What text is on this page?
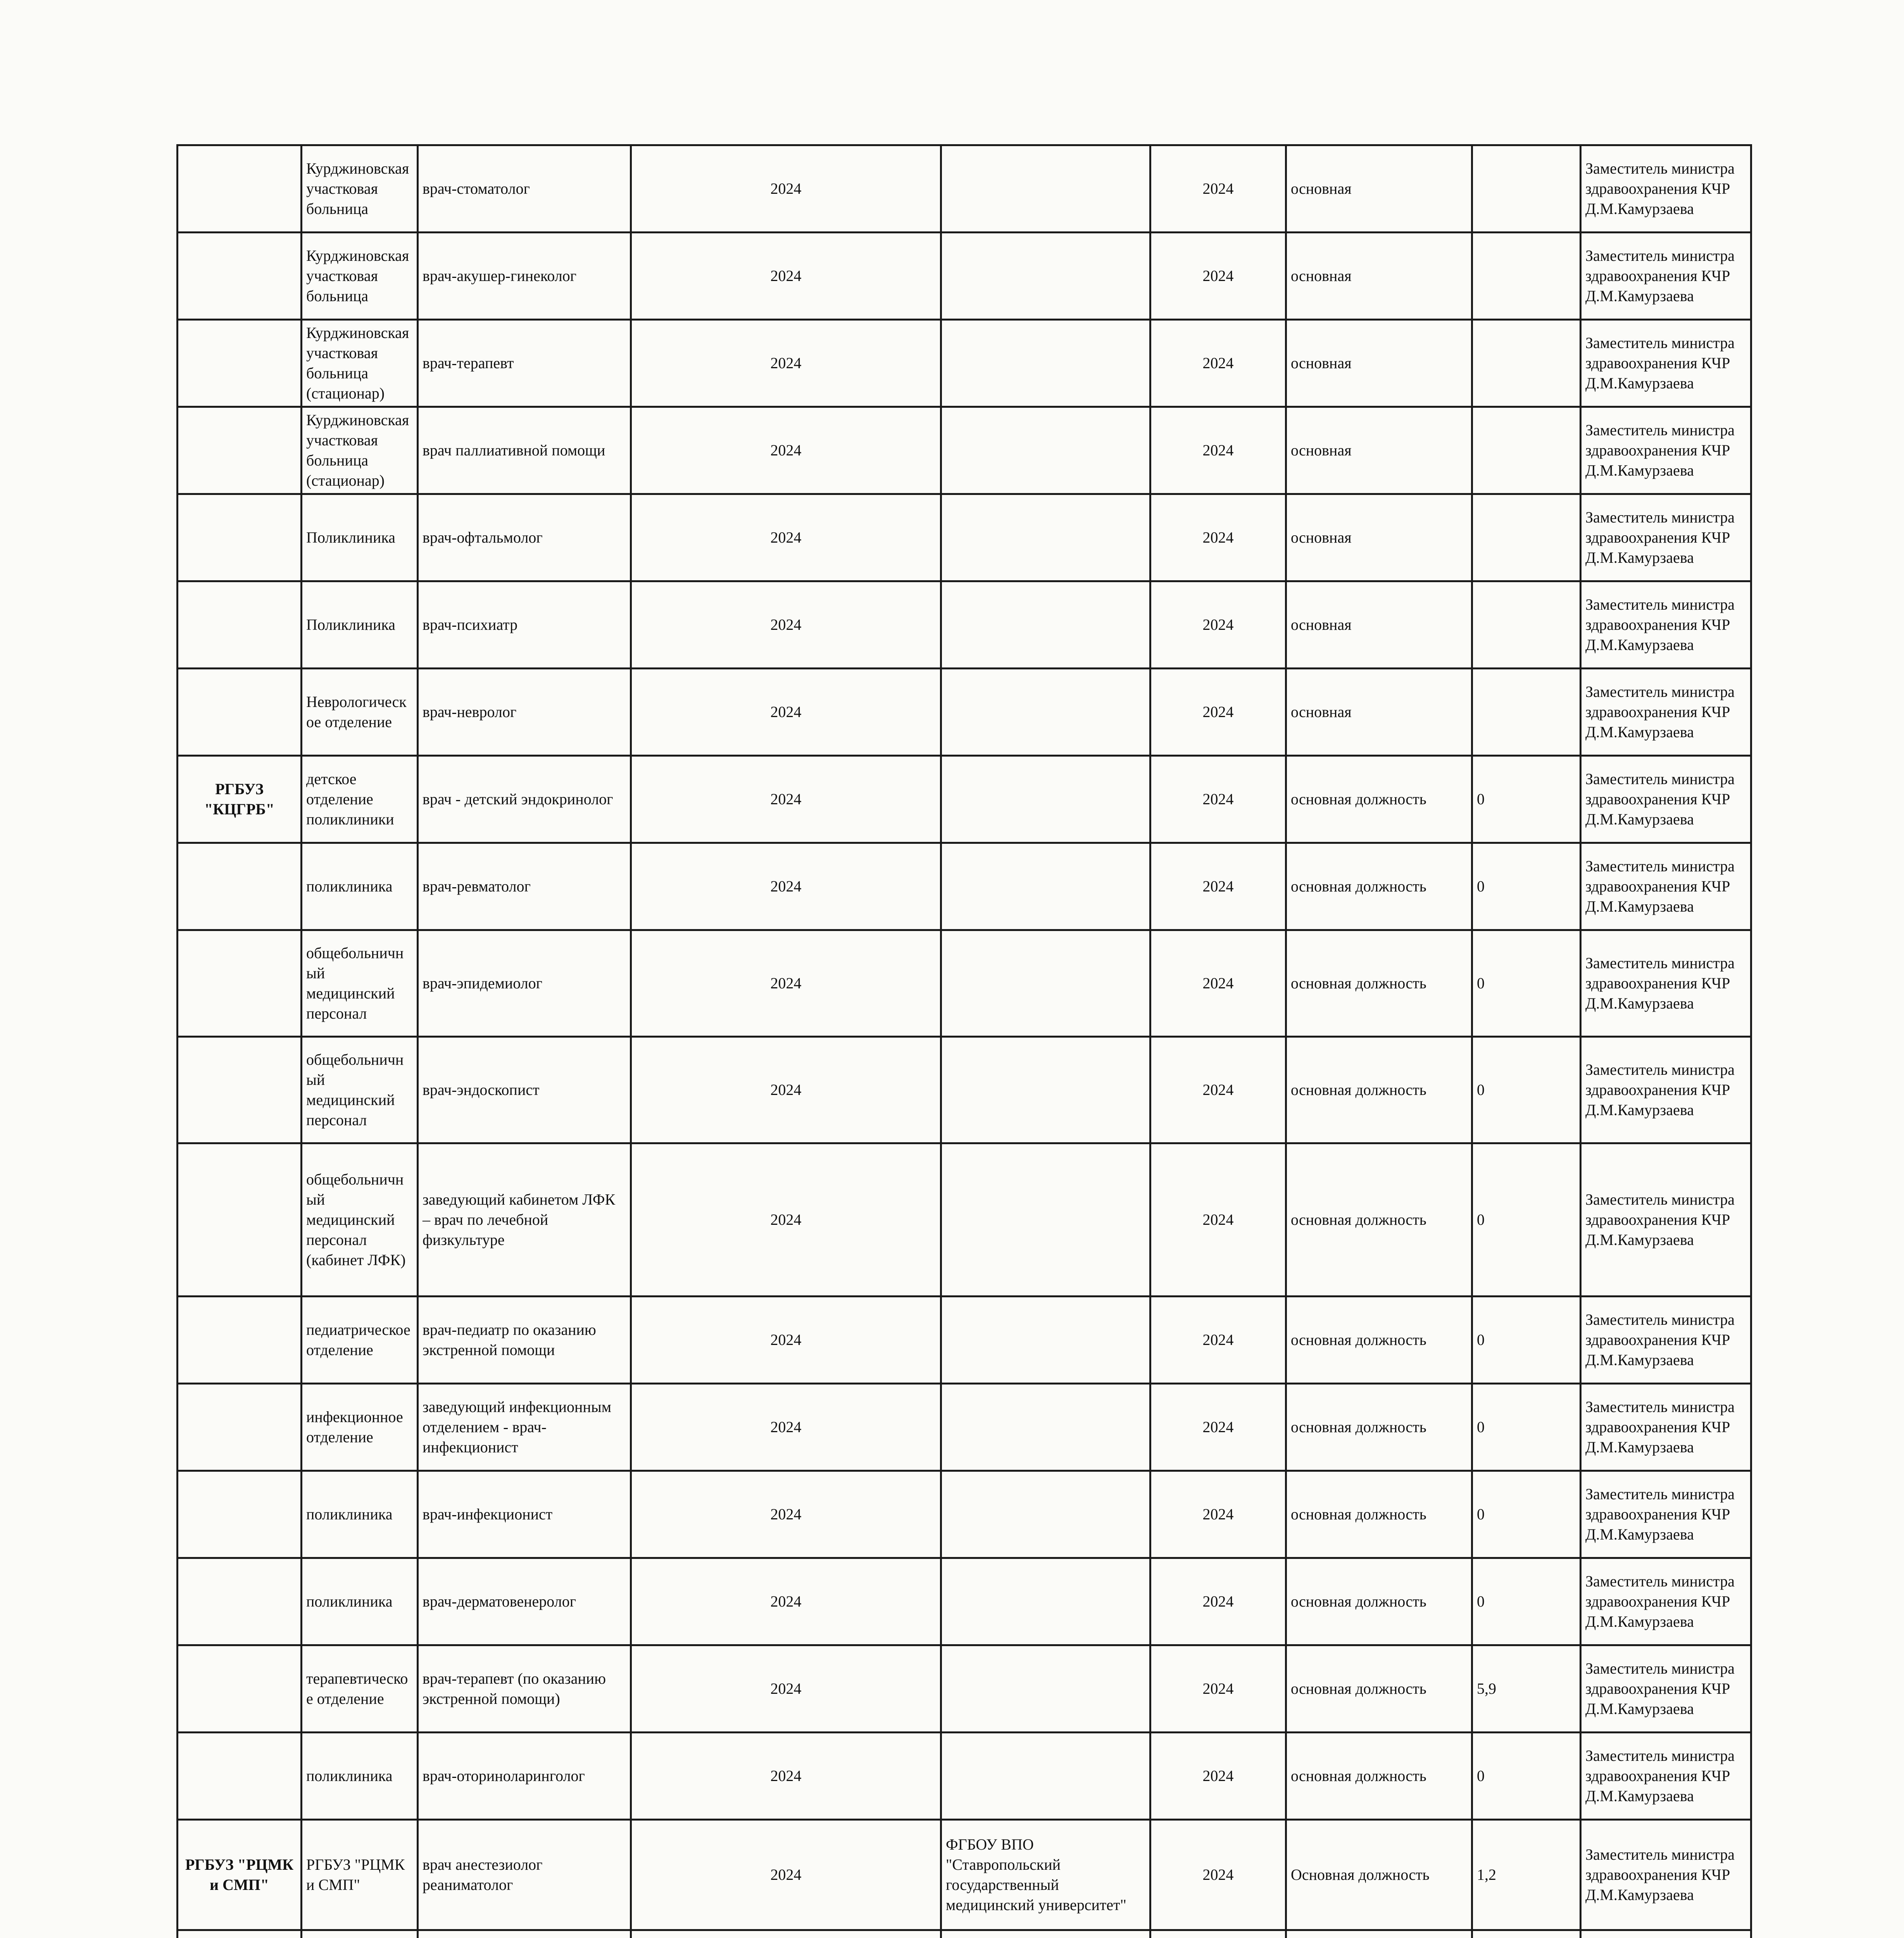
	Курджиновская участковая больница	врач-стоматолог	2024		2024	основная		Заместитель министра здравоохранения КЧР Д.М.Камурзаева
	Курджиновская участковая больница	врач-акушер-гинеколог	2024		2024	основная		Заместитель министра здравоохранения КЧР Д.М.Камурзаева
	Курджиновская участковая больница (стационар)	врач-терапевт	2024		2024	основная		Заместитель министра здравоохранения КЧР Д.М.Камурзаева
	Курджиновская участковая больница (стационар)	врач паллиативной помощи	2024		2024	основная		Заместитель министра здравоохранения КЧР Д.М.Камурзаева
	Поликлиника	врач-офтальмолог	2024		2024	основная		Заместитель министра здравоохранения КЧР Д.М.Камурзаева
	Поликлиника	врач-психиатр	2024		2024	основная		Заместитель министра здравоохранения КЧР Д.М.Камурзаева
	Неврологическое отделение	врач-невролог	2024		2024	основная		Заместитель министра здравоохранения КЧР Д.М.Камурзаева
РГБУЗ "КЦГРБ"	детское отделение поликлиники	врач - детский эндокринолог	2024		2024	основная должность	0	Заместитель министра здравоохранения КЧР Д.М.Камурзаева
	поликлиника	врач-ревматолог	2024		2024	основная должность	0	Заместитель министра здравоохранения КЧР Д.М.Камурзаева
	общебольничный медицинский персонал	врач-эпидемиолог	2024		2024	основная должность	0	Заместитель министра здравоохранения КЧР Д.М.Камурзаева
	общебольничный медицинский персонал	врач-эндоскопист	2024		2024	основная должность	0	Заместитель министра здравоохранения КЧР Д.М.Камурзаева
	общебольничный медицинский персонал (кабинет ЛФК)	заведующий кабинетом ЛФК – врач по лечебной физкультуре	2024		2024	основная должность	0	Заместитель министра здравоохранения КЧР Д.М.Камурзаева
	педиатрическое отделение	врач-педиатр по оказанию экстренной помощи	2024		2024	основная должность	0	Заместитель министра здравоохранения КЧР Д.М.Камурзаева
	инфекционное отделение	заведующий инфекционным отделением - врач-инфекционист	2024		2024	основная должность	0	Заместитель министра здравоохранения КЧР Д.М.Камурзаева
	поликлиника	врач-инфекционист	2024		2024	основная должность	0	Заместитель министра здравоохранения КЧР Д.М.Камурзаева
	поликлиника	врач-дерматовенеролог	2024		2024	основная должность	0	Заместитель министра здравоохранения КЧР Д.М.Камурзаева
	терапевтическое отделение	врач-терапевт (по оказанию экстренной помощи)	2024		2024	основная должность	5,9	Заместитель министра здравоохранения КЧР Д.М.Камурзаева
	поликлиника	врач-оториноларинголог	2024		2024	основная должность	0	Заместитель министра здравоохранения КЧР Д.М.Камурзаева
РГБУЗ "РЦМК и СМП"	РГБУЗ "РЦМК и СМП"	врач анестезиолог реаниматолог	2024	ФГБОУ ВПО "Ставропольский государственный медицинский университет"	2024	Основная должность	1,2	Заместитель министра здравоохранения КЧР Д.М.Камурзаева
